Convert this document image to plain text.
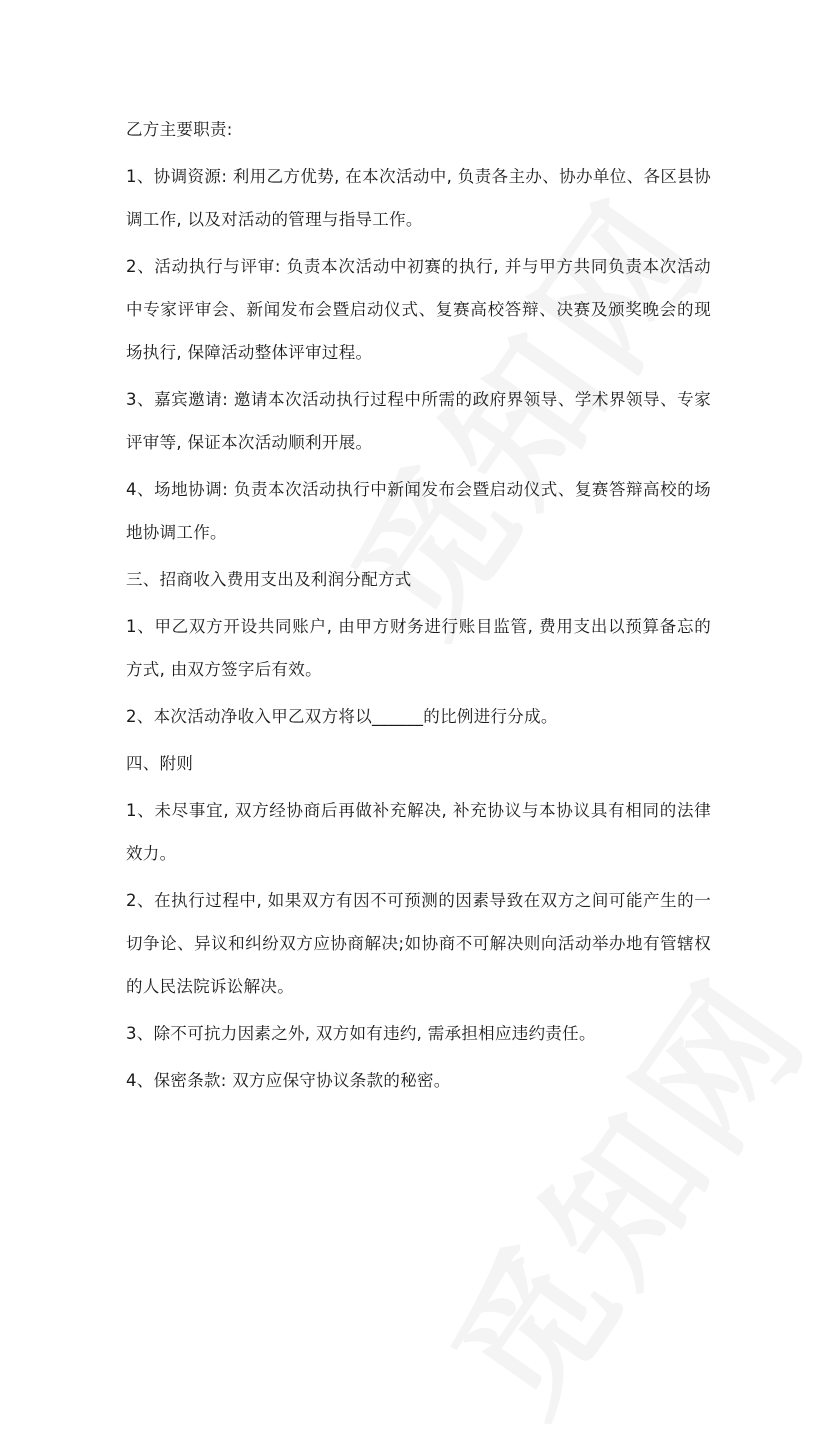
乙方主要职责:

1、协调资源: 利用乙方优势, 在本次活动中, 负责各主办、协办单位、各区县协调工作, 以及对活动的管理与指导工作。

2、活动执行与评审: 负责本次活动中初赛的执行, 并与甲方共同负责本次活动中专家评审会、新闻发布会暨启动仪式、复赛高校答辩、决赛及颁奖晚会的现场执行, 保障活动整体评审过程。

3、嘉宾邀请: 邀请本次活动执行过程中所需的政府界领导、学术界领导、专家评审等, 保证本次活动顺利开展。

4、场地协调: 负责本次活动执行中新闻发布会暨启动仪式、复赛答辩高校的场地协调工作。

三、招商收入费用支出及利润分配方式

1、甲乙双方开设共同账户, 由甲方财务进行账目监管, 费用支出以预算备忘的方式, 由双方签字后有效。

2、本次活动净收入甲乙双方将以______的比例进行分成。

四、附则

1、未尽事宜, 双方经协商后再做补充解决, 补充协议与本协议具有相同的法律效力。

2、在执行过程中, 如果双方有因不可预测的因素导致在双方之间可能产生的一切争论、异议和纠纷双方应协商解决;如协商不可解决则向活动举办地有管辖权的人民法院诉讼解决。

3、除不可抗力因素之外, 双方如有违约, 需承担相应违约责任。

4、保密条款: 双方应保守协议条款的秘密。
